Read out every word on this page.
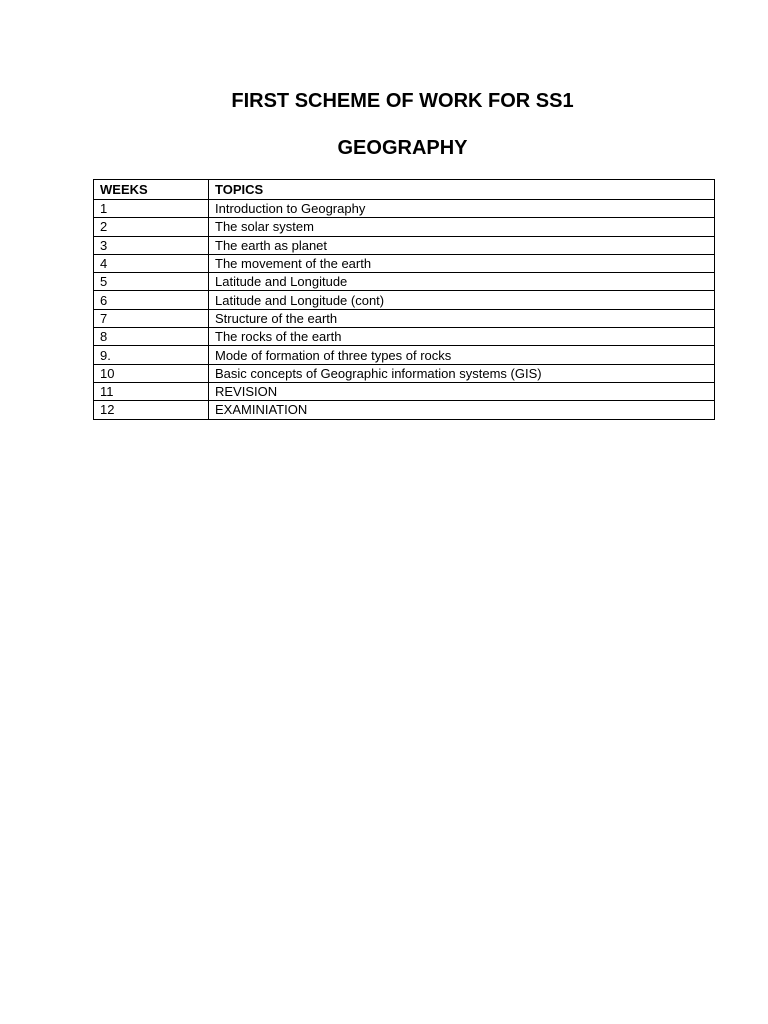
FIRST SCHEME OF WORK FOR SS1
GEOGRAPHY
WEEKS	TOPICS
1	Introduction to Geography
2	The solar system
3	The earth as planet
4	The movement of the earth
5	Latitude and Longitude
6	Latitude and Longitude (cont)
7	Structure of the earth
8	The rocks of the earth
9.	Mode of formation of three types of rocks
10	Basic concepts of Geographic information systems (GIS)
11	REVISION
12	EXAMINIATION
